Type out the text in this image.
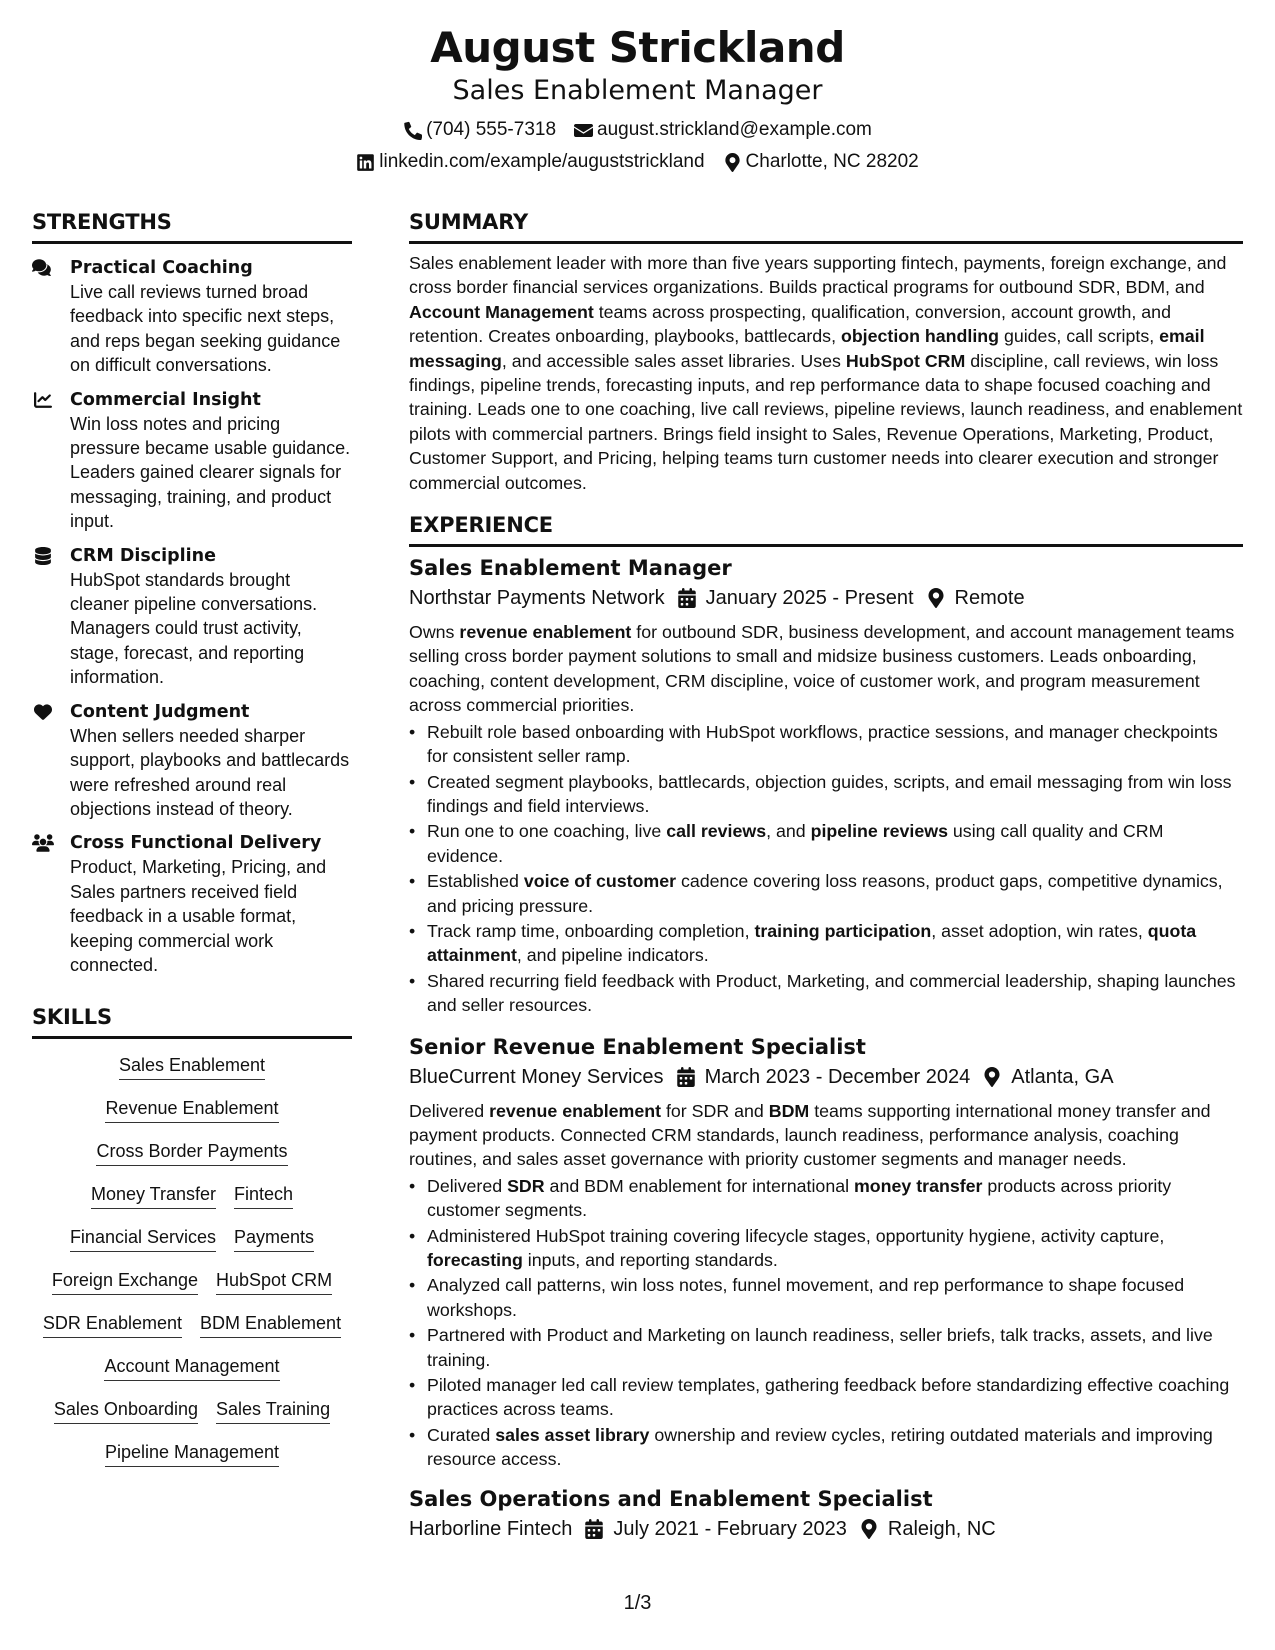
August Strickland
Sales Enablement Manager
(704) 555-7318 august.strickland@example.com
linkedin.com/example/auguststrickland Charlotte, NC 28202
STRENGTHS
Practical Coaching
Live call reviews turned broad feedback into specific next steps, and reps began seeking guidance on difficult conversations.
Commercial Insight
Win loss notes and pricing pressure became usable guidance. Leaders gained clearer signals for messaging, training, and product input.
CRM Discipline
HubSpot standards brought cleaner pipeline conversations. Managers could trust activity, stage, forecast, and reporting information.
Content Judgment
When sellers needed sharper support, playbooks and battlecards were refreshed around real objections instead of theory.
Cross Functional Delivery
Product, Marketing, Pricing, and Sales partners received field feedback in a usable format, keeping commercial work connected.
SKILLS
Sales Enablement
Revenue Enablement
Cross Border Payments
Money Transfer Fintech
Financial Services Payments
Foreign Exchange HubSpot CRM
SDR Enablement BDM Enablement
Account Management
Sales Onboarding Sales Training
Pipeline Management
SUMMARY
Sales enablement leader with more than five years supporting fintech, payments, foreign exchange, and cross border financial services organizations. Builds practical programs for outbound SDR, BDM, and Account Management teams across prospecting, qualification, conversion, account growth, and retention. Creates onboarding, playbooks, battlecards, objection handling guides, call scripts, email messaging, and accessible sales asset libraries. Uses HubSpot CRM discipline, call reviews, win loss findings, pipeline trends, forecasting inputs, and rep performance data to shape focused coaching and training. Leads one to one coaching, live call reviews, pipeline reviews, launch readiness, and enablement pilots with commercial partners. Brings field insight to Sales, Revenue Operations, Marketing, Product, Customer Support, and Pricing, helping teams turn customer needs into clearer execution and stronger commercial outcomes.
EXPERIENCE
Sales Enablement Manager
Northstar Payments Network January 2025 - Present Remote
Owns revenue enablement for outbound SDR, business development, and account management teams selling cross border payment solutions to small and midsize business customers. Leads onboarding, coaching, content development, CRM discipline, voice of customer work, and program measurement across commercial priorities.
• Rebuilt role based onboarding with HubSpot workflows, practice sessions, and manager checkpoints for consistent seller ramp.
• Created segment playbooks, battlecards, objection guides, scripts, and email messaging from win loss findings and field interviews.
• Run one to one coaching, live call reviews, and pipeline reviews using call quality and CRM evidence.
• Established voice of customer cadence covering loss reasons, product gaps, competitive dynamics, and pricing pressure.
• Track ramp time, onboarding completion, training participation, asset adoption, win rates, quota attainment, and pipeline indicators.
• Shared recurring field feedback with Product, Marketing, and commercial leadership, shaping launches and seller resources.
Senior Revenue Enablement Specialist
BlueCurrent Money Services March 2023 - December 2024 Atlanta, GA
Delivered revenue enablement for SDR and BDM teams supporting international money transfer and payment products. Connected CRM standards, launch readiness, performance analysis, coaching routines, and sales asset governance with priority customer segments and manager needs.
• Delivered SDR and BDM enablement for international money transfer products across priority customer segments.
• Administered HubSpot training covering lifecycle stages, opportunity hygiene, activity capture, forecasting inputs, and reporting standards.
• Analyzed call patterns, win loss notes, funnel movement, and rep performance to shape focused workshops.
• Partnered with Product and Marketing on launch readiness, seller briefs, talk tracks, assets, and live training.
• Piloted manager led call review templates, gathering feedback before standardizing effective coaching practices across teams.
• Curated sales asset library ownership and review cycles, retiring outdated materials and improving resource access.
Sales Operations and Enablement Specialist
Harborline Fintech July 2021 - February 2023 Raleigh, NC
1/3
